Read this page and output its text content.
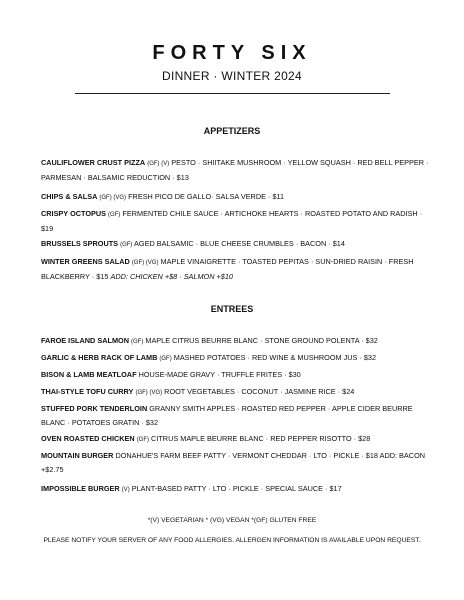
FORTY SIX
DINNER · WINTER 2024
APPETIZERS
CAULIFLOWER CRUST PIZZA (GF) (V) PESTO · SHIITAKE MUSHROOM · YELLOW SQUASH · RED BELL PEPPER · PARMESAN · BALSAMIC REDUCTION · $13
CHIPS & SALSA (GF) (VG) FRESH PICO DE GALLO· SALSA VERDE · $11
CRISPY OCTOPUS (GF) FERMENTED CHILE SAUCE · ARTICHOKE HEARTS · ROASTED POTATO AND RADISH · $19
BRUSSELS SPROUTS (GF) AGED BALSAMIC · BLUE CHEESE CRUMBLES · BACON · $14
WINTER GREENS SALAD (GF) (VG) MAPLE VINAIGRETTE · TOASTED PEPITAS · SUN-DRIED RAISIN · FRESH BLACKBERRY · $15 ADD: CHICKEN +$8 · SALMON +$10
ENTREES
FAROE ISLAND SALMON (GF) MAPLE CITRUS BEURRE BLANC · STONE GROUND POLENTA · $32
GARLIC & HERB RACK OF LAMB (GF) MASHED POTATOES · RED WINE & MUSHROOM JUS · $32
BISON & LAMB MEATLOAF HOUSE-MADE GRAVY · TRUFFLE FRITES · $30
THAI-STYLE TOFU CURRY (GF) (VG) ROOT VEGETABLES · COCONUT · JASMINE RICE · $24
STUFFED PORK TENDERLOIN GRANNY SMITH APPLES · ROASTED RED PEPPER · APPLE CIDER BEURRE BLANC · POTATOES GRATIN · $32
OVEN ROASTED CHICKEN (GF) CITRUS MAPLE BEURRE BLANC · RED PEPPER RISOTTO · $28
MOUNTAIN BURGER DONAHUE'S FARM BEEF PATTY · VERMONT CHEDDAR · LTO · PICKLE · $18 ADD: BACON +$2.75
IMPOSSIBLE BURGER (V) PLANT-BASED PATTY · LTO · PICKLE · SPECIAL SAUCE · $17
*(V) VEGETARIAN * (VG) VEGAN *(GF) GLUTEN FREE
PLEASE NOTIFY YOUR SERVER OF ANY FOOD ALLERGIES. ALLERGEN INFORMATION IS AVAILABLE UPON REQUEST.
